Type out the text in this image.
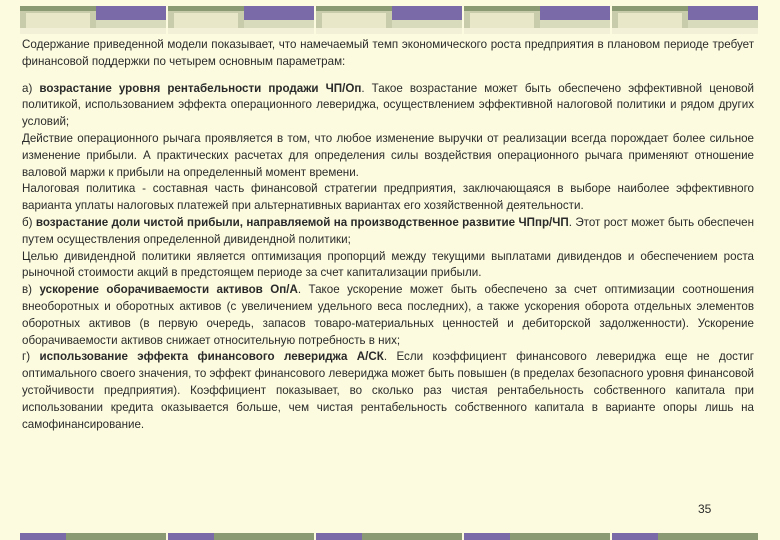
Содержание приведенной модели показывает, что намечаемый темп экономического роста предприятия в плановом периоде требует финансовой поддержки по четырем основным параметрам:

а) возрастание уровня рентабельности продажи ЧП/Оп. Такое возрастание может быть обеспечено эффективной ценовой политикой, использованием эффекта операционного левериджа, осуществлением эффективной налоговой политики и рядом других условий;

Действие операционного рычага проявляется в том, что любое изменение выручки от реализации всегда порождает более сильное изменение прибыли. А практических расчетах для определения силы воздействия операционного рычага применяют отношение валовой маржи к прибыли на определенный момент времени.

Налоговая политика - составная часть финансовой стратегии предприятия, заключающаяся в выборе наиболее эффективного варианта уплаты налоговых платежей при альтернативных вариантах его хозяйственной деятельности.

б) возрастание доли чистой прибыли, направляемой на производственное развитие ЧПпр/ЧП. Этот рост может быть обеспечен путем осуществления определенной дивидендной политики;

Целью дивидендной политики является оптимизация пропорций между текущими выплатами дивидендов и обеспечением роста рыночной стоимости акций в предстоящем периоде за счет капитализации прибыли.

в) ускорение оборачиваемости активов Оп/А. Такое ускорение может быть обеспечено за счет оптимизации соотношения внеоборотных и оборотных активов (с увеличением удельного веса последних), а также ускорения оборота отдельных элементов оборотных активов (в первую очередь, запасов товаро-материальных ценностей и дебиторской задолженности). Ускорение оборачиваемости активов снижает относительную потребность в них;

г) использование эффекта финансового левериджа А/СК. Если коэффициент финансового левериджа еще не достиг оптимального своего значения, то эффект финансового левериджа может быть повышен (в пределах безопасного уровня финансовой устойчивости предприятия). Коэффициент показывает, во сколько раз чистая рентабельность собственного капитала при использовании кредита оказывается больше, чем чистая рентабельность собственного капитала в варианте опоры лишь на самофинансирование.

35
